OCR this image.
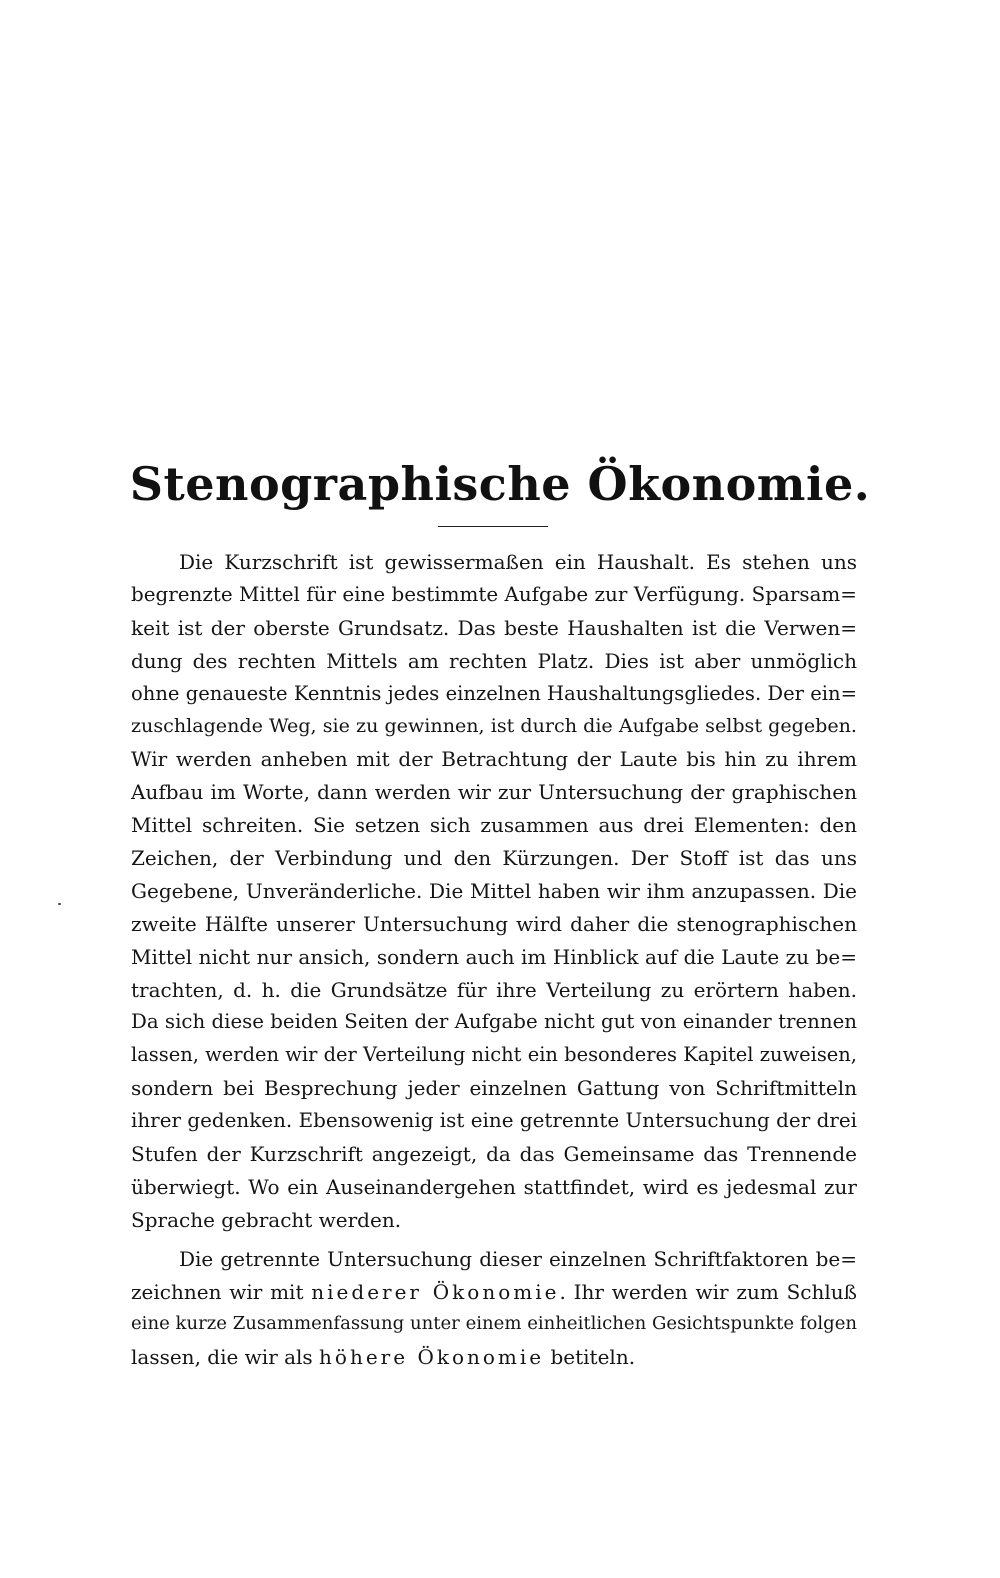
Stenographische Ökonomie.
Die Kurzschrift ist gewissermaßen ein Haushalt. Es stehen uns
begrenzte Mittel für eine bestimmte Aufgabe zur Verfügung. Sparsam=
keit ist der oberste Grundsatz. Das beste Haushalten ist die Verwen=
dung des rechten Mittels am rechten Platz. Dies ist aber unmöglich
ohne genaueste Kenntnis jedes einzelnen Haushaltungsgliedes. Der ein=
zuschlagende Weg, sie zu gewinnen, ist durch die Aufgabe selbst gegeben.
Wir werden anheben mit der Betrachtung der Laute bis hin zu ihrem
Aufbau im Worte, dann werden wir zur Untersuchung der graphischen
Mittel schreiten. Sie setzen sich zusammen aus drei Elementen: den
Zeichen, der Verbindung und den Kürzungen. Der Stoff ist das uns
Gegebene, Unveränderliche. Die Mittel haben wir ihm anzupassen. Die
zweite Hälfte unserer Untersuchung wird daher die stenographischen
Mittel nicht nur ansich, sondern auch im Hinblick auf die Laute zu be=
trachten, d. h. die Grundsätze für ihre Verteilung zu erörtern haben.
Da sich diese beiden Seiten der Aufgabe nicht gut von einander trennen
lassen, werden wir der Verteilung nicht ein besonderes Kapitel zuweisen,
sondern bei Besprechung jeder einzelnen Gattung von Schriftmitteln
ihrer gedenken. Ebensowenig ist eine getrennte Untersuchung der drei
Stufen der Kurzschrift angezeigt, da das Gemeinsame das Trennende
überwiegt. Wo ein Auseinandergehen stattfindet, wird es jedesmal zur
Sprache gebracht werden.
Die getrennte Untersuchung dieser einzelnen Schriftfaktoren be=
zeichnen wir mit niederer Ökonomie. Ihr werden wir zum Schluß
eine kurze Zusammenfassung unter einem einheitlichen Gesichtspunkte folgen
lassen, die wir als höhere Ökonomie betiteln.
